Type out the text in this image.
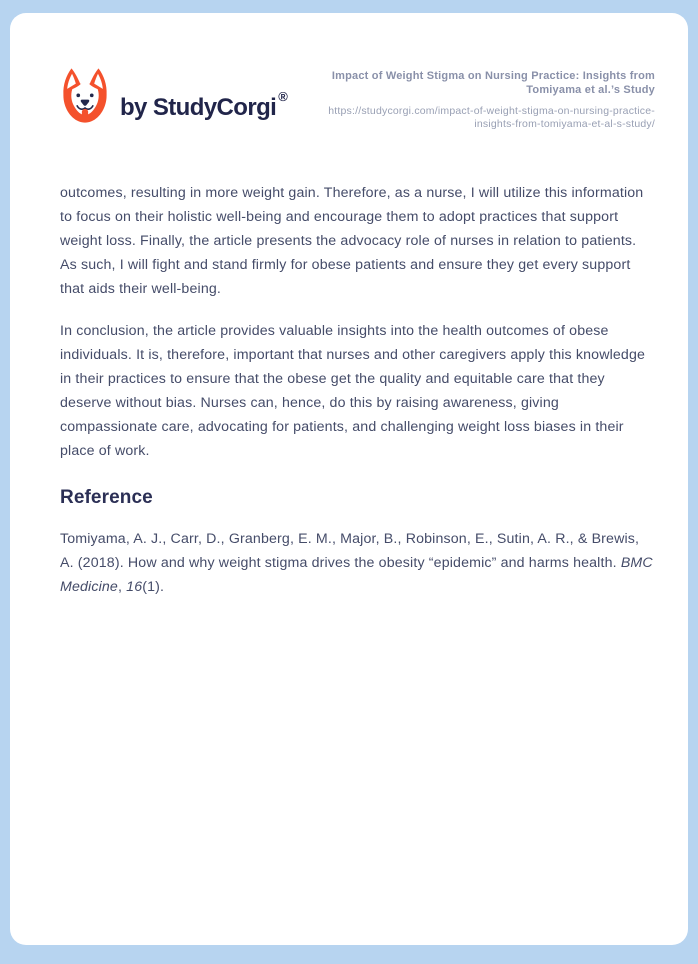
by StudyCorgi ®
Impact of Weight Stigma on Nursing Practice: Insights from Tomiyama et al.’s Study
https://studycorgi.com/impact-of-weight-stigma-on-nursing-practice-insights-from-tomiyama-et-al-s-study/

outcomes, resulting in more weight gain. Therefore, as a nurse, I will utilize this information to focus on their holistic well-being and encourage them to adopt practices that support weight loss. Finally, the article presents the advocacy role of nurses in relation to patients. As such, I will fight and stand firmly for obese patients and ensure they get every support that aids their well-being.

In conclusion, the article provides valuable insights into the health outcomes of obese individuals. It is, therefore, important that nurses and other caregivers apply this knowledge in their practices to ensure that the obese get the quality and equitable care that they deserve without bias. Nurses can, hence, do this by raising awareness, giving compassionate care, advocating for patients, and challenging weight loss biases in their place of work.

Reference

Tomiyama, A. J., Carr, D., Granberg, E. M., Major, B., Robinson, E., Sutin, A. R., & Brewis, A. (2018). How and why weight stigma drives the obesity “epidemic” and harms health. BMC Medicine, 16(1).
